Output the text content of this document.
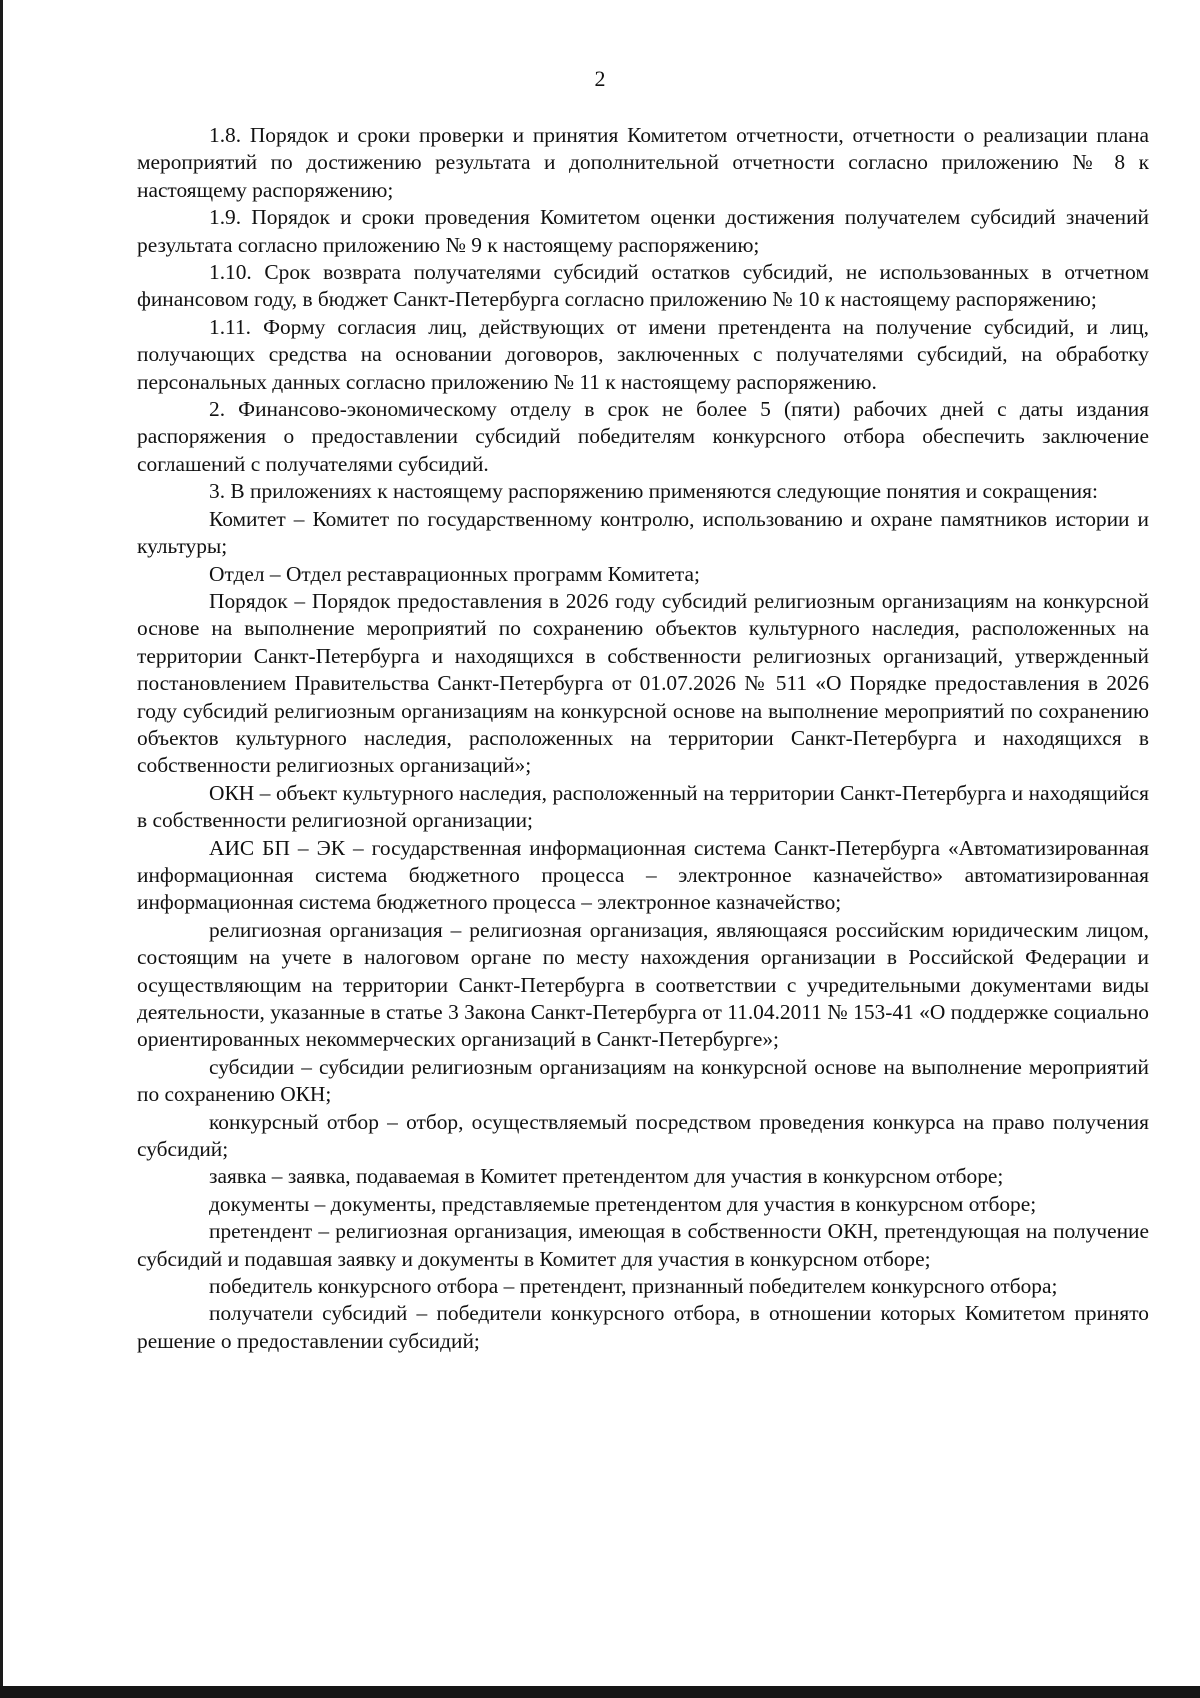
2

1.8. Порядок и сроки проверки и принятия Комитетом отчетности, отчетности о реализации плана мероприятий по достижению результата и дополнительной отчетности согласно приложению № 8 к настоящему распоряжению;

1.9. Порядок и сроки проведения Комитетом оценки достижения получателем субсидий значений результата согласно приложению № 9 к настоящему распоряжению;

1.10. Срок возврата получателями субсидий остатков субсидий, не использованных в отчетном финансовом году, в бюджет Санкт-Петербурга согласно приложению № 10 к настоящему распоряжению;

1.11. Форму согласия лиц, действующих от имени претендента на получение субсидий, и лиц, получающих средства на основании договоров, заключенных с получателями субсидий, на обработку персональных данных согласно приложению № 11 к настоящему распоряжению.

2. Финансово-экономическому отделу в срок не более 5 (пяти) рабочих дней с даты издания распоряжения о предоставлении субсидий победителям конкурсного отбора обеспечить заключение соглашений с получателями субсидий.

3. В приложениях к настоящему распоряжению применяются следующие понятия и сокращения:

Комитет – Комитет по государственному контролю, использованию и охране памятников истории и культуры;

Отдел – Отдел реставрационных программ Комитета;

Порядок – Порядок предоставления в 2026 году субсидий религиозным организациям на конкурсной основе на выполнение мероприятий по сохранению объектов культурного наследия, расположенных на территории Санкт-Петербурга и находящихся в собственности религиозных организаций, утвержденный постановлением Правительства Санкт-Петербурга от 01.07.2026 № 511 «О Порядке предоставления в 2026 году субсидий религиозным организациям на конкурсной основе на выполнение мероприятий по сохранению объектов культурного наследия, расположенных на территории Санкт-Петербурга и находящихся в собственности религиозных организаций»;

ОКН – объект культурного наследия, расположенный на территории Санкт-Петербурга и находящийся в собственности религиозной организации;

АИС БП – ЭК – государственная информационная система Санкт-Петербурга «Автоматизированная информационная система бюджетного процесса – электронное казначейство» автоматизированная информационная система бюджетного процесса – электронное казначейство;

религиозная организация – религиозная организация, являющаяся российским юридическим лицом, состоящим на учете в налоговом органе по месту нахождения организации в Российской Федерации и осуществляющим на территории Санкт-Петербурга в соответствии с учредительными документами виды деятельности, указанные в статье 3 Закона Санкт-Петербурга от 11.04.2011 № 153-41 «О поддержке социально ориентированных некоммерческих организаций в Санкт-Петербурге»;

субсидии – субсидии религиозным организациям на конкурсной основе на выполнение мероприятий по сохранению ОКН;

конкурсный отбор – отбор, осуществляемый посредством проведения конкурса на право получения субсидий;

заявка – заявка, подаваемая в Комитет претендентом для участия в конкурсном отборе;

документы – документы, представляемые претендентом для участия в конкурсном отборе;

претендент – религиозная организация, имеющая в собственности ОКН, претендующая на получение субсидий и подавшая заявку и документы в Комитет для участия в конкурсном отборе;

победитель конкурсного отбора – претендент, признанный победителем конкурсного отбора;

получатели субсидий – победители конкурсного отбора, в отношении которых Комитетом принято решение о предоставлении субсидий;
